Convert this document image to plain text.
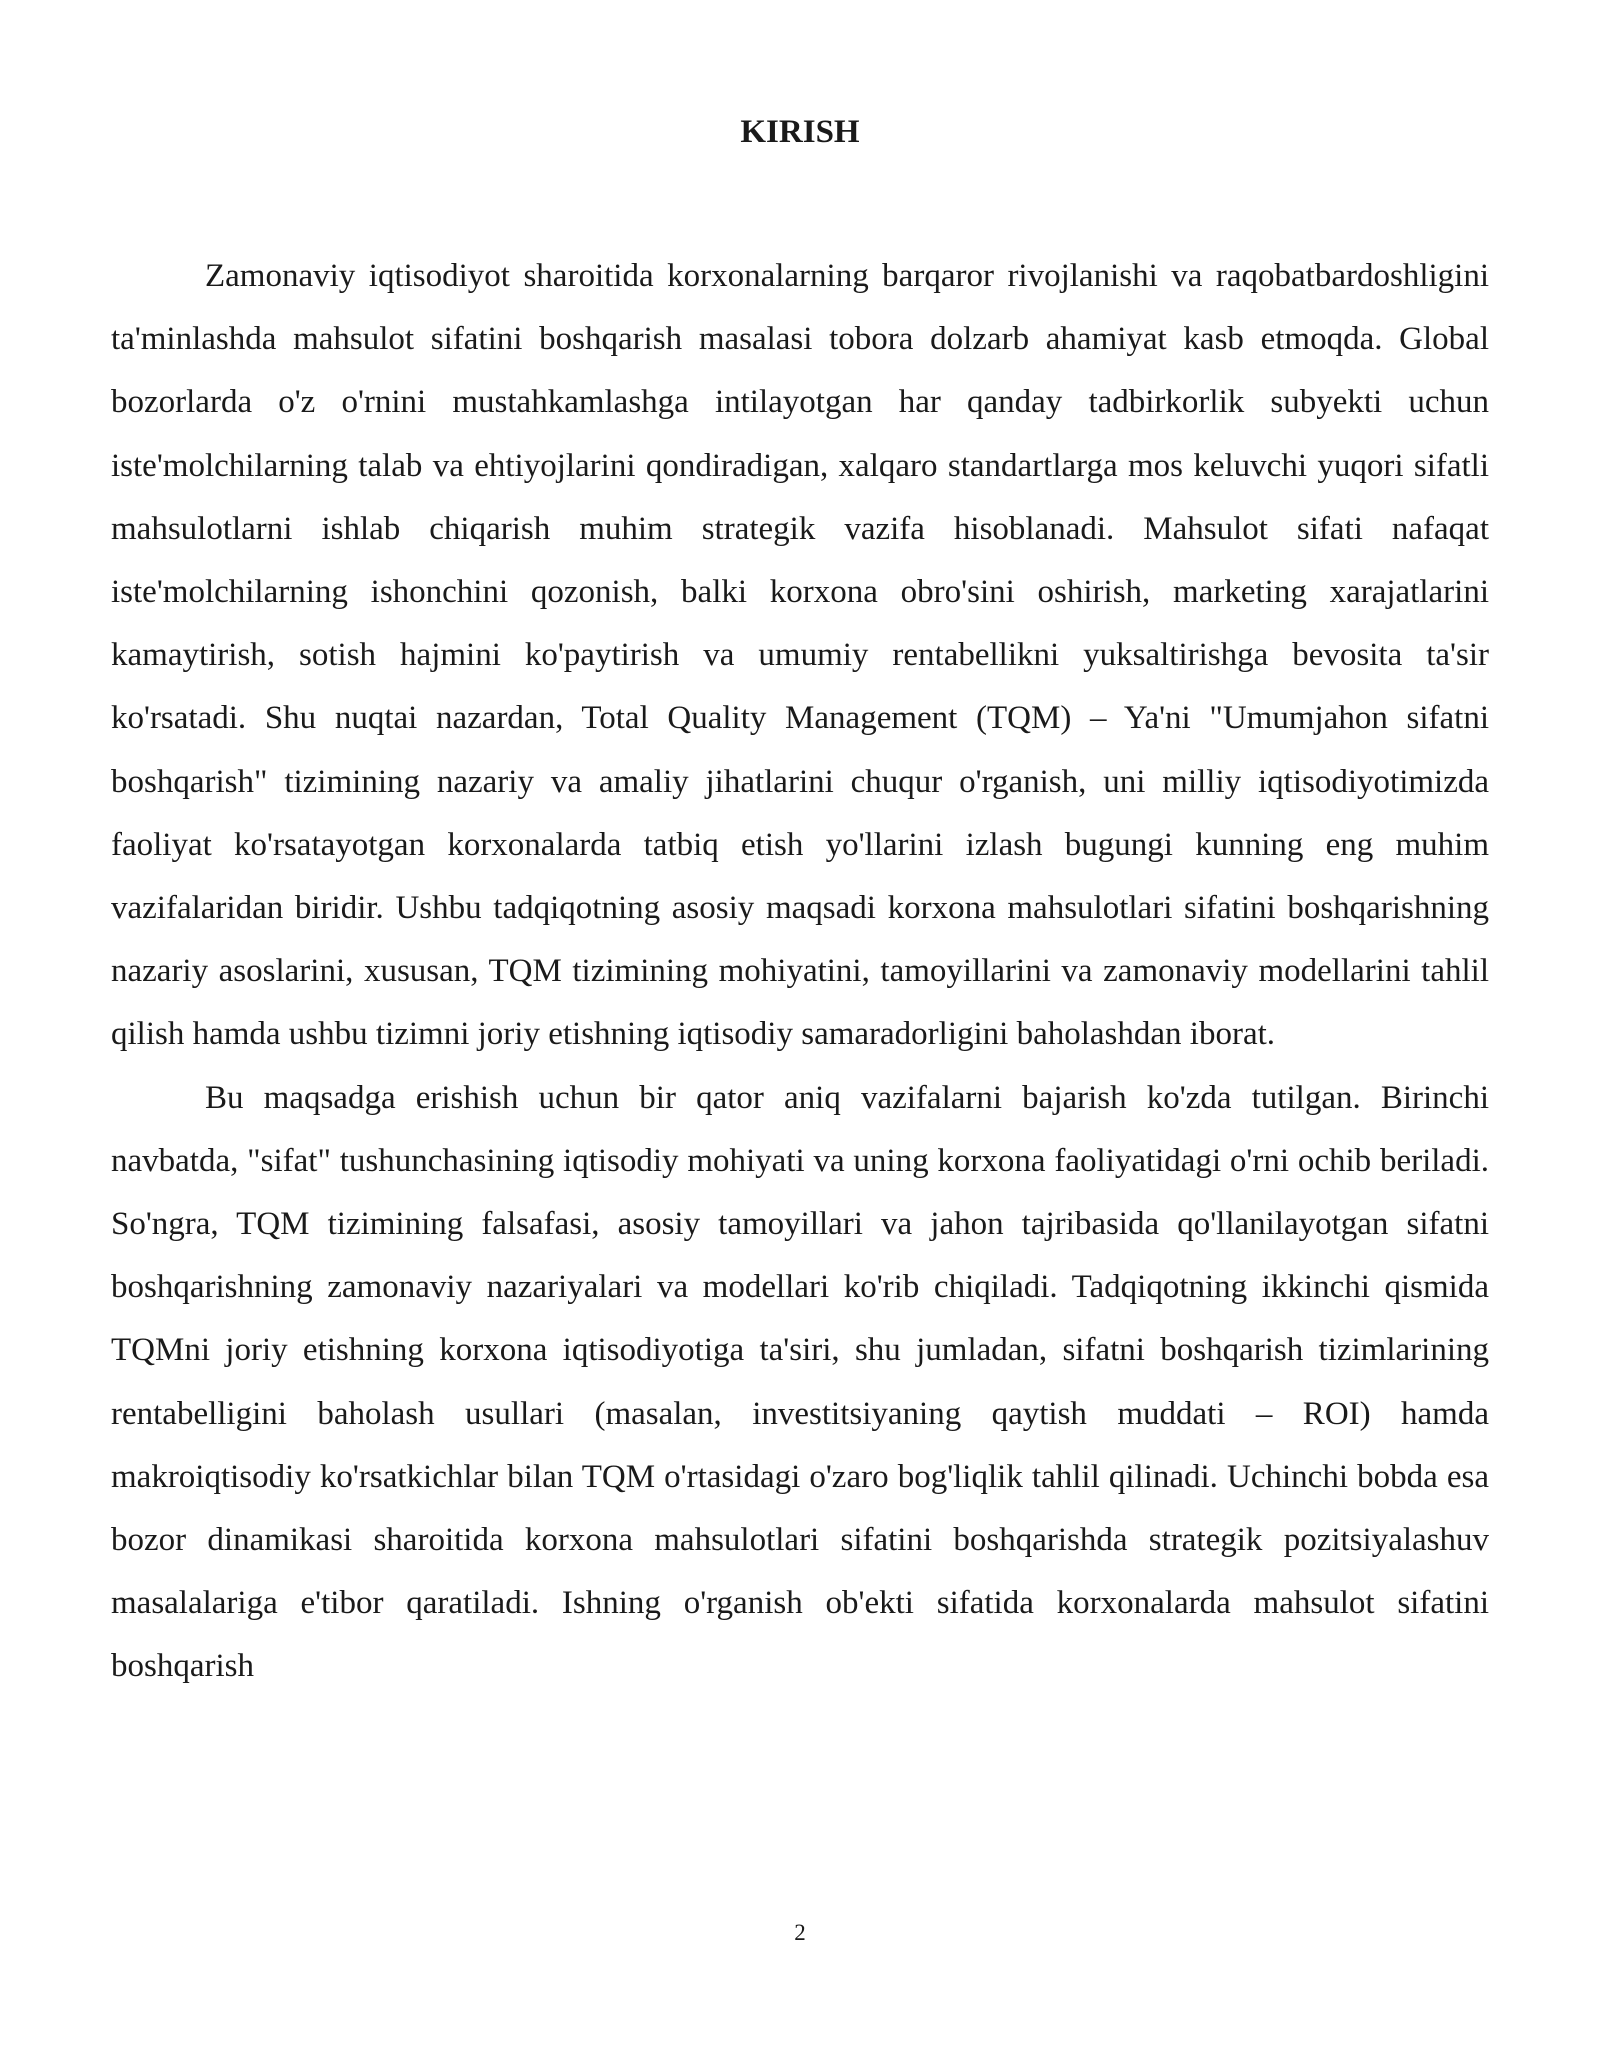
KIRISH

Zamonaviy iqtisodiyot sharoitida korxonalarning barqaror rivojlanishi va raqobatbardoshligini ta'minlashda mahsulot sifatini boshqarish masalasi tobora dolzarb ahamiyat kasb etmoqda. Global bozorlarda o'z o'rnini mustahkamlashga intilayotgan har qanday tadbirkorlik subyekti uchun iste'molchilarning talab va ehtiyojlarini qondiradigan, xalqaro standartlarga mos keluvchi yuqori sifatli mahsulotlarni ishlab chiqarish muhim strategik vazifa hisoblanadi. Mahsulot sifati nafaqat iste'molchilarning ishonchini qozonish, balki korxona obro'sini oshirish, marketing xarajatlarini kamaytirish, sotish hajmini ko'paytirish va umumiy rentabellikni yuksaltirishga bevosita ta'sir ko'rsatadi. Shu nuqtai nazardan, Total Quality Management (TQM) – Ya'ni "Umumjahon sifatni boshqarish" tizimining nazariy va amaliy jihatlarini chuqur o'rganish, uni milliy iqtisodiyotimizda faoliyat ko'rsatayotgan korxonalarda tatbiq etish yo'llarini izlash bugungi kunning eng muhim vazifalaridan biridir. Ushbu tadqiqotning asosiy maqsadi korxona mahsulotlari sifatini boshqarishning nazariy asoslarini, xususan, TQM tizimining mohiyatini, tamoyillarini va zamonaviy modellarini tahlil qilish hamda ushbu tizimni joriy etishning iqtisodiy samaradorligini baholashdan iborat.

Bu maqsadga erishish uchun bir qator aniq vazifalarni bajarish ko'zda tutilgan. Birinchi navbatda, "sifat" tushunchasining iqtisodiy mohiyati va uning korxona faoliyatidagi o'rni ochib beriladi. So'ngra, TQM tizimining falsafasi, asosiy tamoyillari va jahon tajribasida qo'llanilayotgan sifatni boshqarishning zamonaviy nazariyalari va modellari ko'rib chiqiladi. Tadqiqotning ikkinchi qismida TQMni joriy etishning korxona iqtisodiyotiga ta'siri, shu jumladan, sifatni boshqarish tizimlarining rentabelligini baholash usullari (masalan, investitsiyaning qaytish muddati – ROI) hamda makroiqtisodiy ko'rsatkichlar bilan TQM o'rtasidagi o'zaro bog'liqlik tahlil qilinadi. Uchinchi bobda esa bozor dinamikasi sharoitida korxona mahsulotlari sifatini boshqarishda strategik pozitsiyalashuv masalalariga e'tibor qaratiladi. Ishning o'rganish ob'ekti sifatida korxonalarda mahsulot sifatini boshqarish

2
